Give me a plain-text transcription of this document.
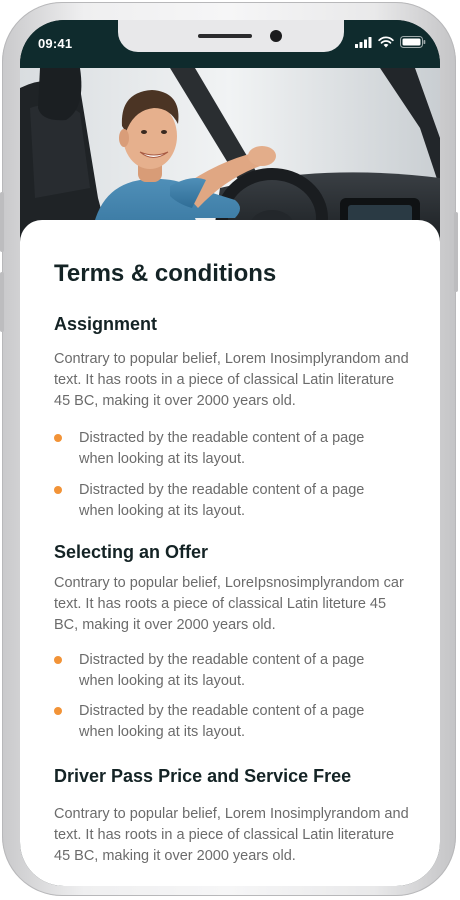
09:41
Terms & conditions
Assignment

Contrary to popular belief, Lorem Inosimplyrandom and text. It has roots in a piece of classical Latin literature 45 BC, making it over 2000 years old.

Distracted by the readable content of a page when looking at its layout.
Distracted by the readable content of a page when looking at its layout.
Selecting an Offer

Contrary to popular belief, LoreIpsnosimplyrandom car text. It has roots a piece of classical Latin liteture 45 BC, making it over 2000 years old.

Distracted by the readable content of a page when looking at its layout.
Distracted by the readable content of a page when looking at its layout.
Driver Pass Price and Service Free

Contrary to popular belief, Lorem Inosimplyrandom and text. It has roots in a piece of classical Latin literature 45 BC, making it over 2000 years old.
